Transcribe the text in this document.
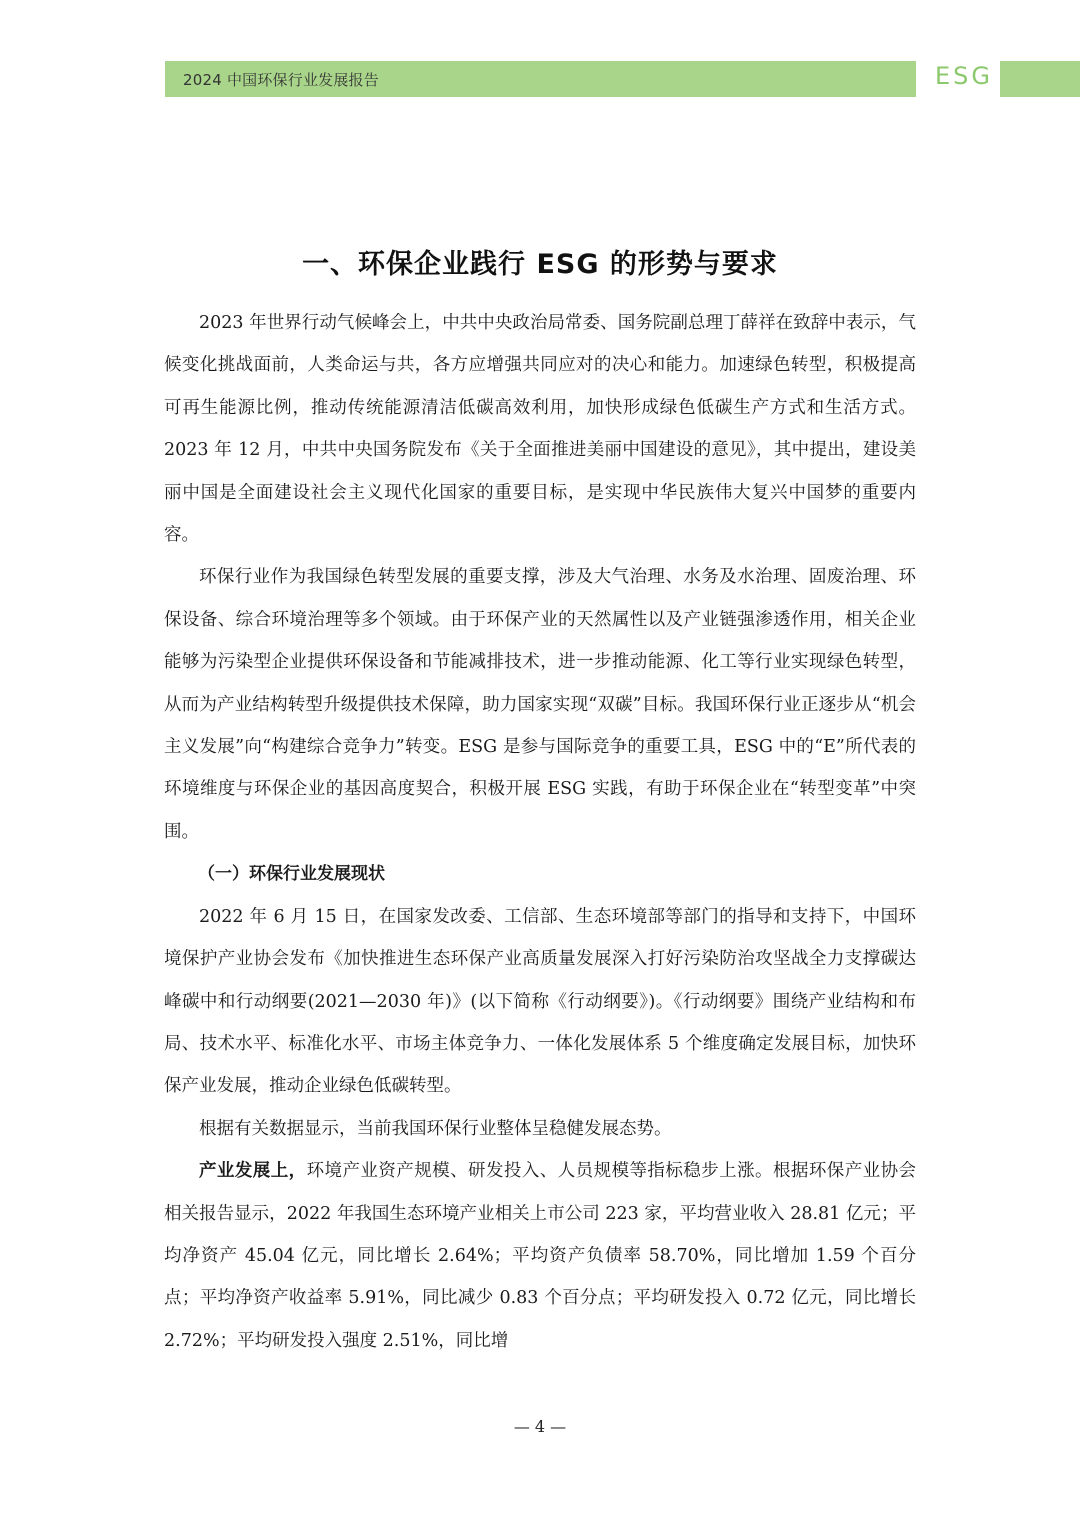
2024 中国环保行业发展报告	ESG
一、环保企业践行 ESG 的形势与要求

2023 年世界行动气候峰会上，中共中央政治局常委、国务院副总理丁薛祥在致辞中表示，气候变化挑战面前，人类命运与共，各方应增强共同应对的决心和能力。加速绿色转型，积极提高可再生能源比例，推动传统能源清洁低碳高效利用，加快形成绿色低碳生产方式和生活方式。2023 年 12 月，中共中央国务院发布《关于全面推进美丽中国建设的意见》，其中提出，建设美丽中国是全面建设社会主义现代化国家的重要目标，是实现中华民族伟大复兴中国梦的重要内容。

环保行业作为我国绿色转型发展的重要支撑，涉及大气治理、水务及水治理、固废治理、环保设备、综合环境治理等多个领域。由于环保产业的天然属性以及产业链强渗透作用，相关企业能够为污染型企业提供环保设备和节能减排技术，进一步推动能源、化工等行业实现绿色转型，从而为产业结构转型升级提供技术保障，助力国家实现“双碳”目标。我国环保行业正逐步从“机会主义发展”向“构建综合竞争力”转变。ESG 是参与国际竞争的重要工具，ESG 中的“E”所代表的环境维度与环保企业的基因高度契合，积极开展 ESG 实践，有助于环保企业在“转型变革”中突围。

（一）环保行业发展现状

2022 年 6 月 15 日，在国家发改委、工信部、生态环境部等部门的指导和支持下，中国环境保护产业协会发布《加快推进生态环保产业高质量发展深入打好污染防治攻坚战全力支撑碳达峰碳中和行动纲要(2021—2030 年)》(以下简称《行动纲要》)。《行动纲要》围绕产业结构和布局、技术水平、标准化水平、市场主体竞争力、一体化发展体系 5 个维度确定发展目标，加快环保产业发展，推动企业绿色低碳转型。

根据有关数据显示，当前我国环保行业整体呈稳健发展态势。

产业发展上，环境产业资产规模、研发投入、人员规模等指标稳步上涨。根据环保产业协会相关报告显示，2022 年我国生态环境产业相关上市公司 223 家，平均营业收入 28.81 亿元；平均净资产 45.04 亿元，同比增长 2.64%；平均资产负债率 58.70%，同比增加 1.59 个百分点；平均净资产收益率 5.91%，同比减少 0.83 个百分点；平均研发投入 0.72 亿元，同比增长 2.72%；平均研发投入强度 2.51%，同比增

— 4 —
